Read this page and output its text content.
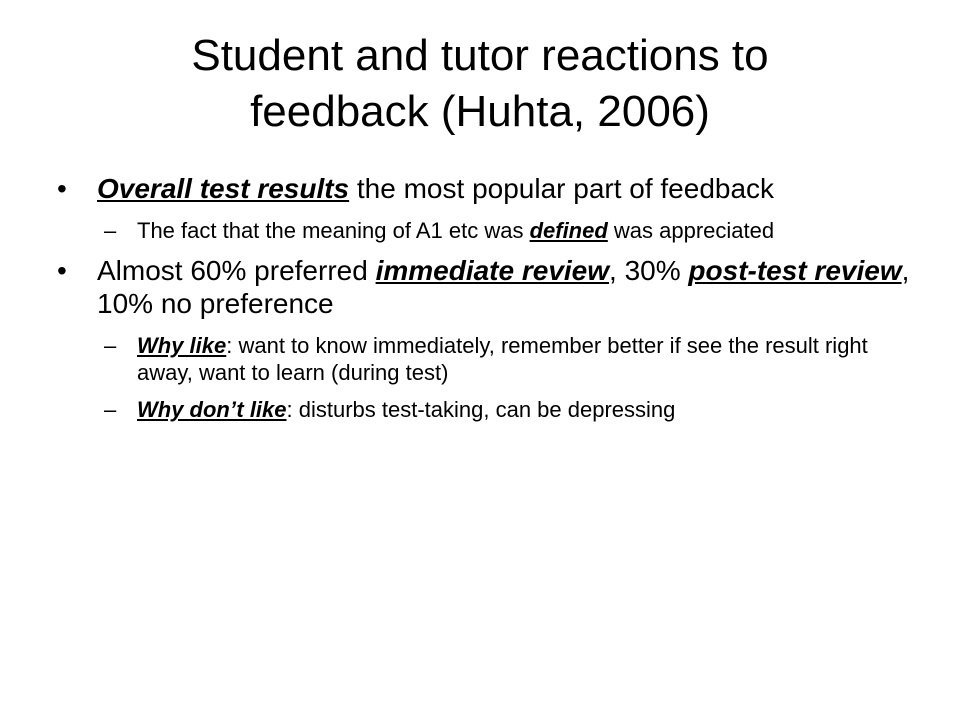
Student and tutor reactions to
feedback (Huhta, 2006)

• Overall test results the most popular part of feedback

– The fact that the meaning of A1 etc was defined was appreciated

• Almost 60% preferred immediate review, 30% post-test review, 10% no preference

– Why like: want to know immediately, remember better if see the result right away, want to learn (during test)

– Why don’t like: disturbs test-taking, can be depressing
